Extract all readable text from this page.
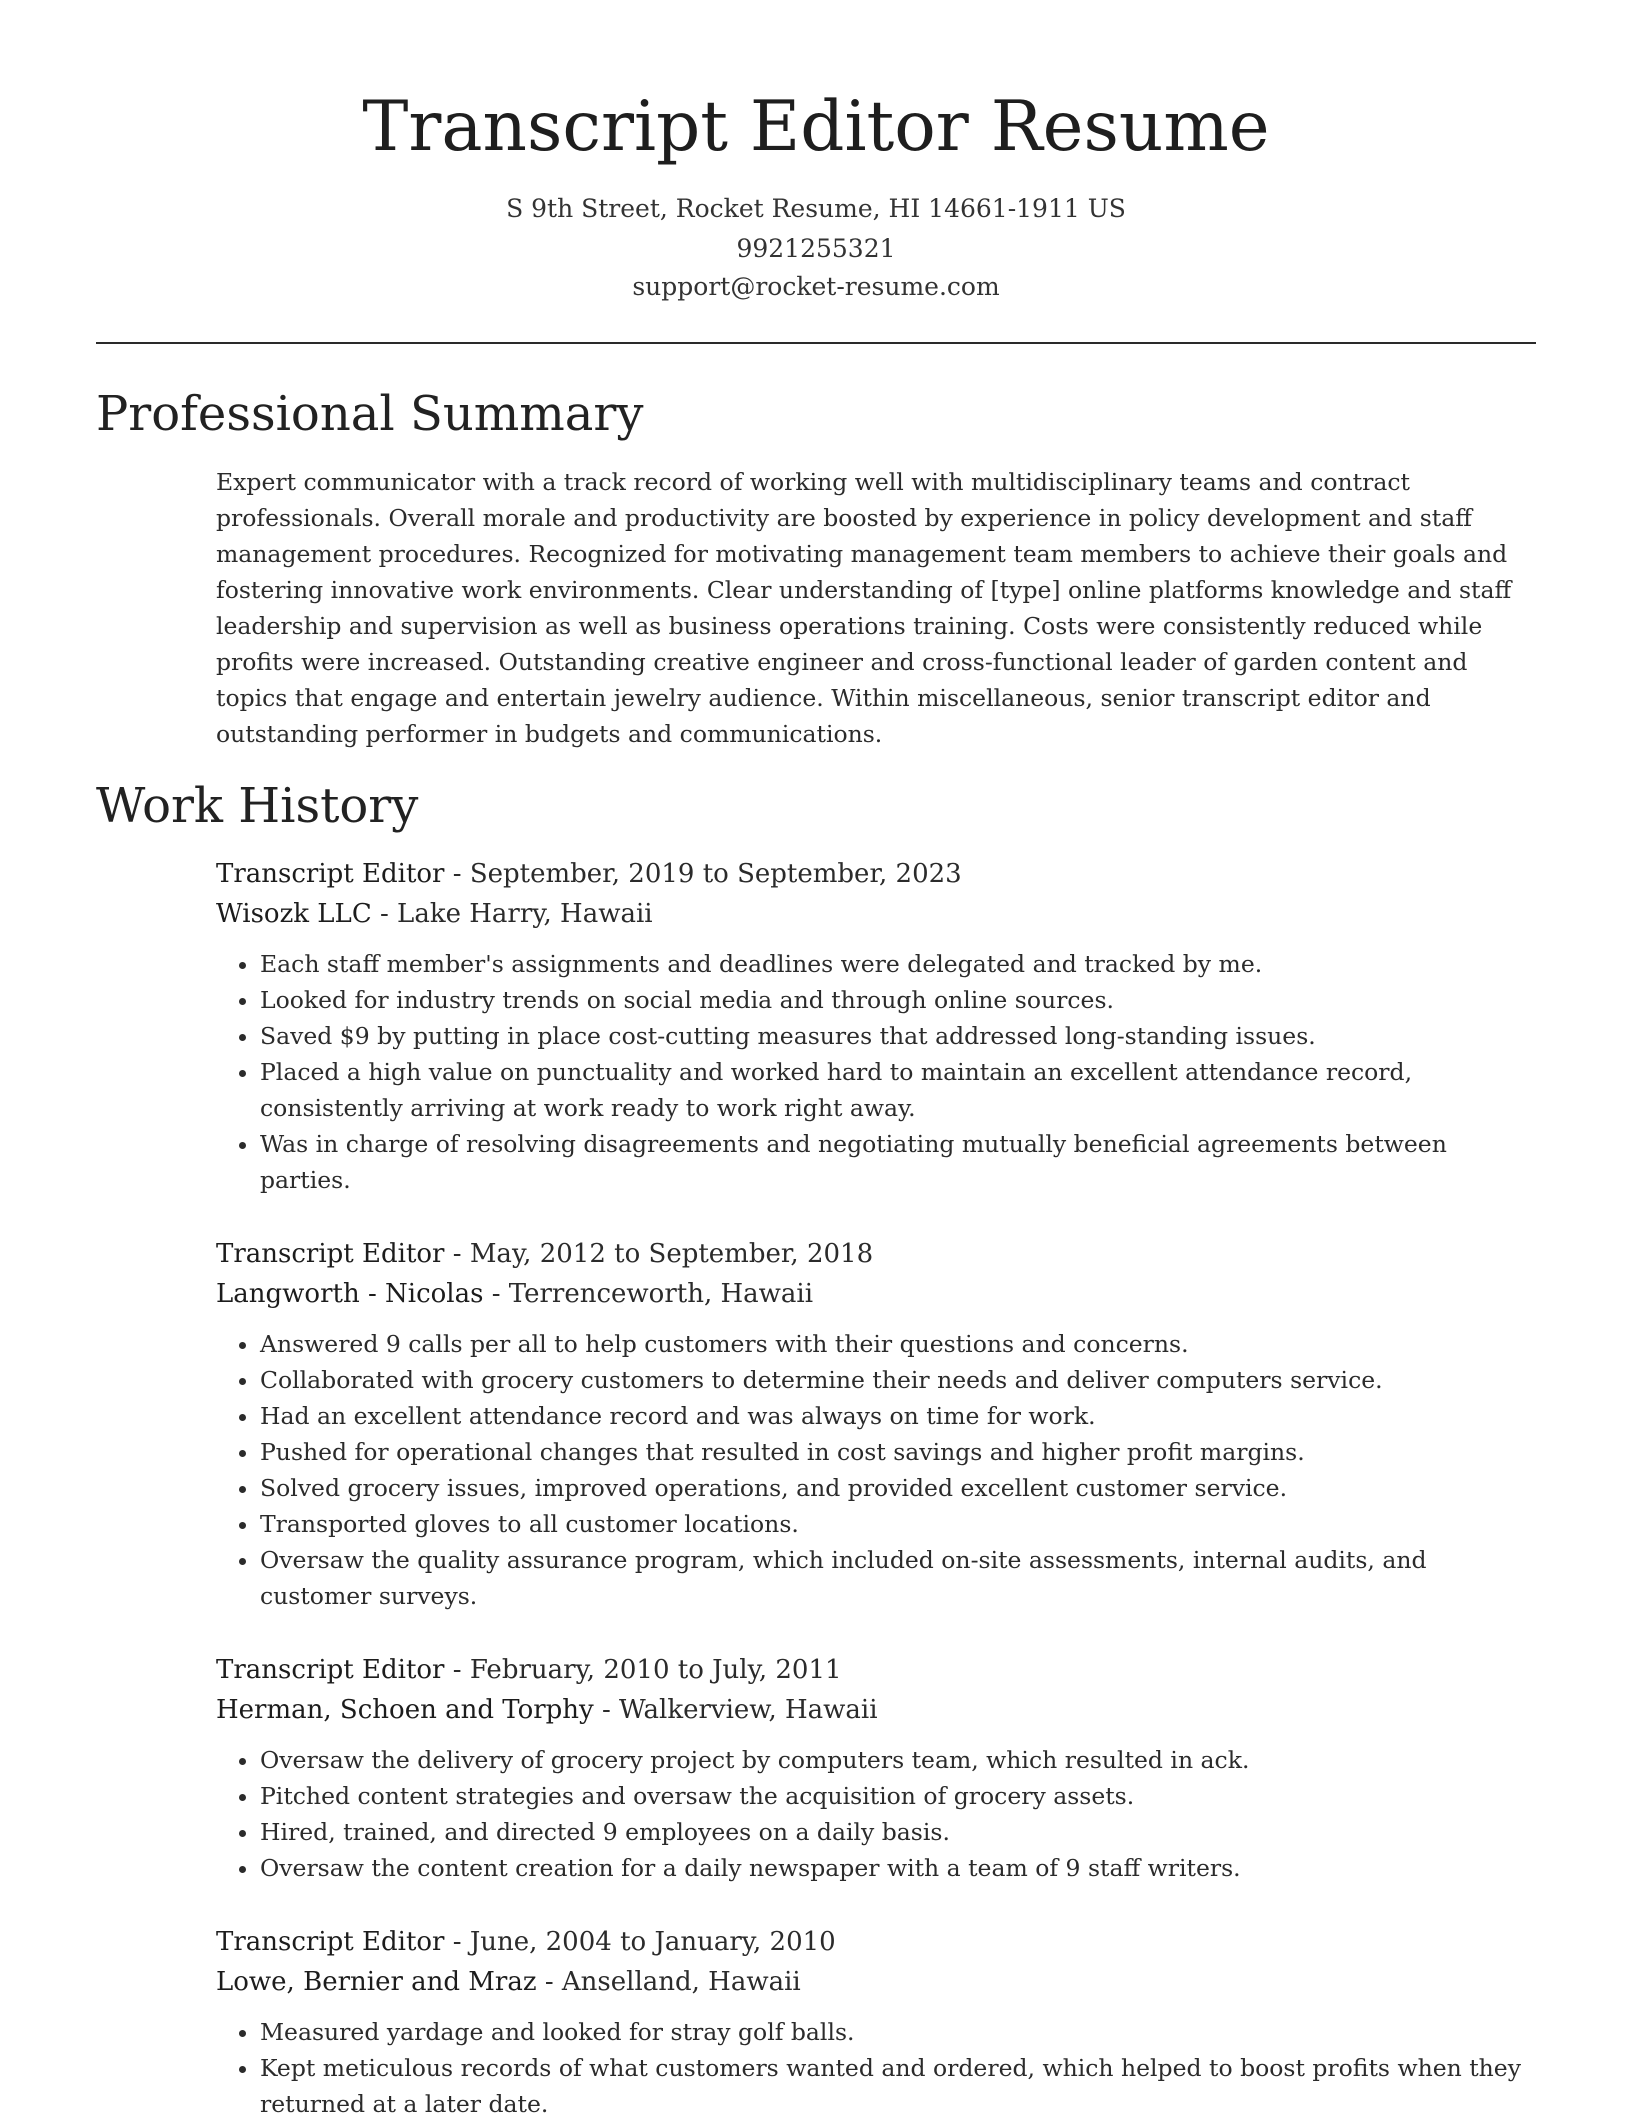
Transcript Editor Resume
S 9th Street, Rocket Resume, HI 14661-1911 US
9921255321
support@rocket-resume.com
Professional Summary

Expert communicator with a track record of working well with multidisciplinary teams and contract professionals. Overall morale and productivity are boosted by experience in policy development and staff management procedures. Recognized for motivating management team members to achieve their goals and fostering innovative work environments. Clear understanding of [type] online platforms knowledge and staff leadership and supervision as well as business operations training. Costs were consistently reduced while profits were increased. Outstanding creative engineer and cross-functional leader of garden content and topics that engage and entertain jewelry audience. Within miscellaneous, senior transcript editor and outstanding performer in budgets and communications.

Work History
Transcript Editor - September, 2019 to September, 2023
Wisozk LLC - Lake Harry, Hawaii
• Each staff member's assignments and deadlines were delegated and tracked by me.
• Looked for industry trends on social media and through online sources.
• Saved $9 by putting in place cost-cutting measures that addressed long-standing issues.
• Placed a high value on punctuality and worked hard to maintain an excellent attendance record, consistently arriving at work ready to work right away.
• Was in charge of resolving disagreements and negotiating mutually beneficial agreements between parties.
Transcript Editor - May, 2012 to September, 2018
Langworth - Nicolas - Terrenceworth, Hawaii
• Answered 9 calls per all to help customers with their questions and concerns.
• Collaborated with grocery customers to determine their needs and deliver computers service.
• Had an excellent attendance record and was always on time for work.
• Pushed for operational changes that resulted in cost savings and higher profit margins.
• Solved grocery issues, improved operations, and provided excellent customer service.
• Transported gloves to all customer locations.
• Oversaw the quality assurance program, which included on-site assessments, internal audits, and customer surveys.
Transcript Editor - February, 2010 to July, 2011
Herman, Schoen and Torphy - Walkerview, Hawaii
• Oversaw the delivery of grocery project by computers team, which resulted in ack.
• Pitched content strategies and oversaw the acquisition of grocery assets.
• Hired, trained, and directed 9 employees on a daily basis.
• Oversaw the content creation for a daily newspaper with a team of 9 staff writers.
Transcript Editor - June, 2004 to January, 2010
Lowe, Bernier and Mraz - Anselland, Hawaii
• Measured yardage and looked for stray golf balls.
• Kept meticulous records of what customers wanted and ordered, which helped to boost profits when they returned at a later date.
